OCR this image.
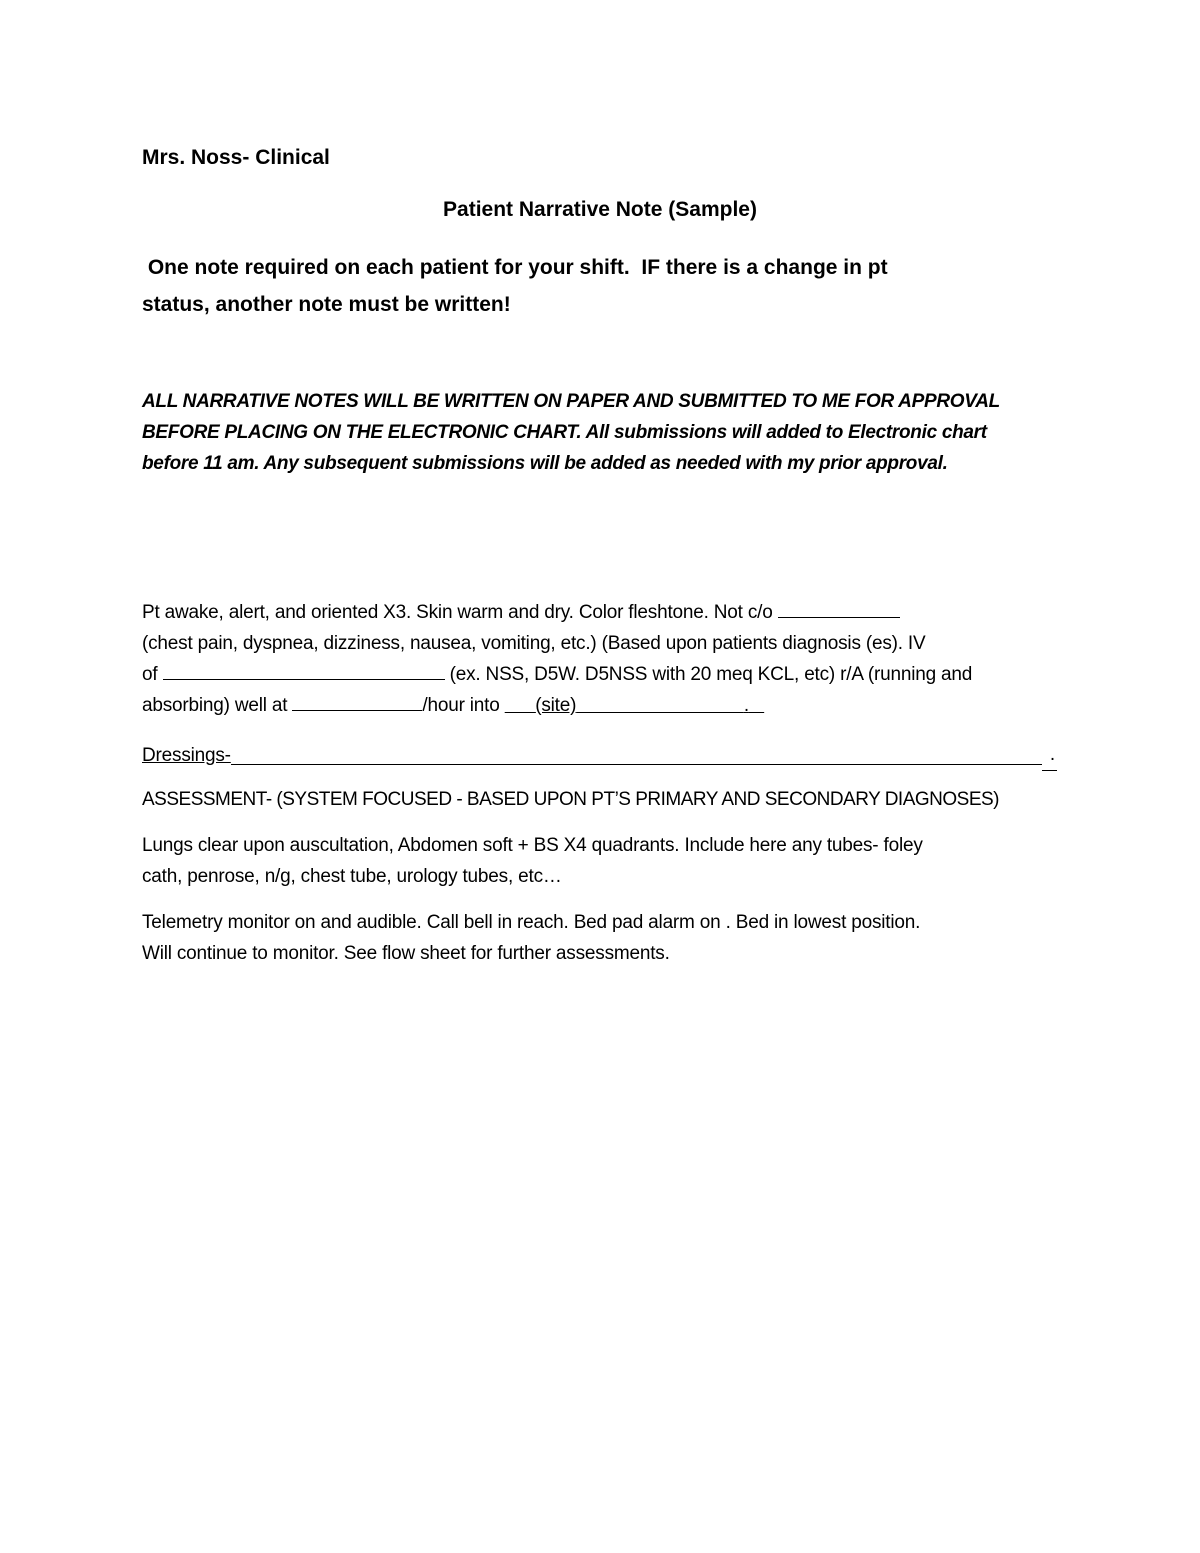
Mrs. Noss- Clinical
Patient Narrative Note (Sample)
One note required on each patient for your shift.  IF there is a change in pt
status, another note must be written!
ALL NARRATIVE NOTES WILL BE WRITTEN ON PAPER AND SUBMITTED TO ME FOR APPROVAL
BEFORE PLACING ON THE ELECTRONIC CHART. All submissions will added to Electronic chart
before 11 am. Any subsequent submissions will be added as needed with my prior approval.
Pt awake, alert, and oriented X3. Skin warm and dry. Color fleshtone. Not c/o
(chest pain, dyspnea, dizziness, nausea, vomiting, etc.) (Based upon patients diagnosis (es). IV
of	(ex. NSS, D5W. D5NSS with 20 meq KCL, etc) r/A (running and
absorbing) well at	/hour into       (site)	.
Dressings-	.
ASSESSMENT- (SYSTEM FOCUSED - BASED UPON PT’S PRIMARY AND SECONDARY DIAGNOSES)
Lungs clear upon auscultation, Abdomen soft + BS X4 quadrants. Include here any tubes- foley
cath, penrose, n/g, chest tube, urology tubes, etc…
Telemetry monitor on and audible. Call bell in reach. Bed pad alarm on . Bed in lowest position.
Will continue to monitor. See flow sheet for further assessments.
